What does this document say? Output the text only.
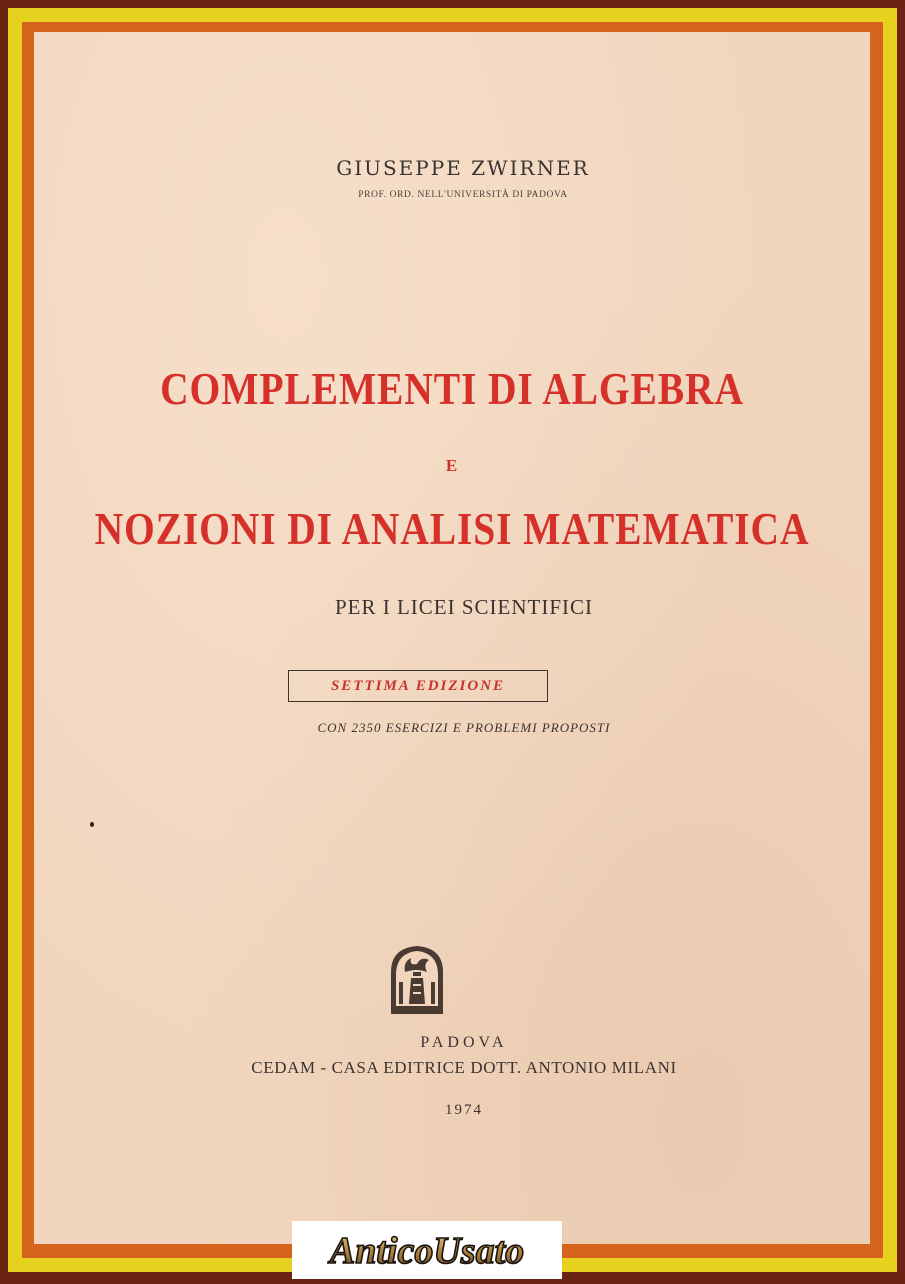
GIUSEPPE ZWIRNER
PROF. ORD. NELL'UNIVERSITÀ DI PADOVA
COMPLEMENTI DI ALGEBRA
E
NOZIONI DI ANALISI MATEMATICA
PER I LICEI SCIENTIFICI
SETTIMA EDIZIONE
CON 2350 ESERCIZI E PROBLEMI PROPOSTI
PADOVA
CEDAM - CASA EDITRICE DOTT. ANTONIO MILANI
1974
AnticoUsato
